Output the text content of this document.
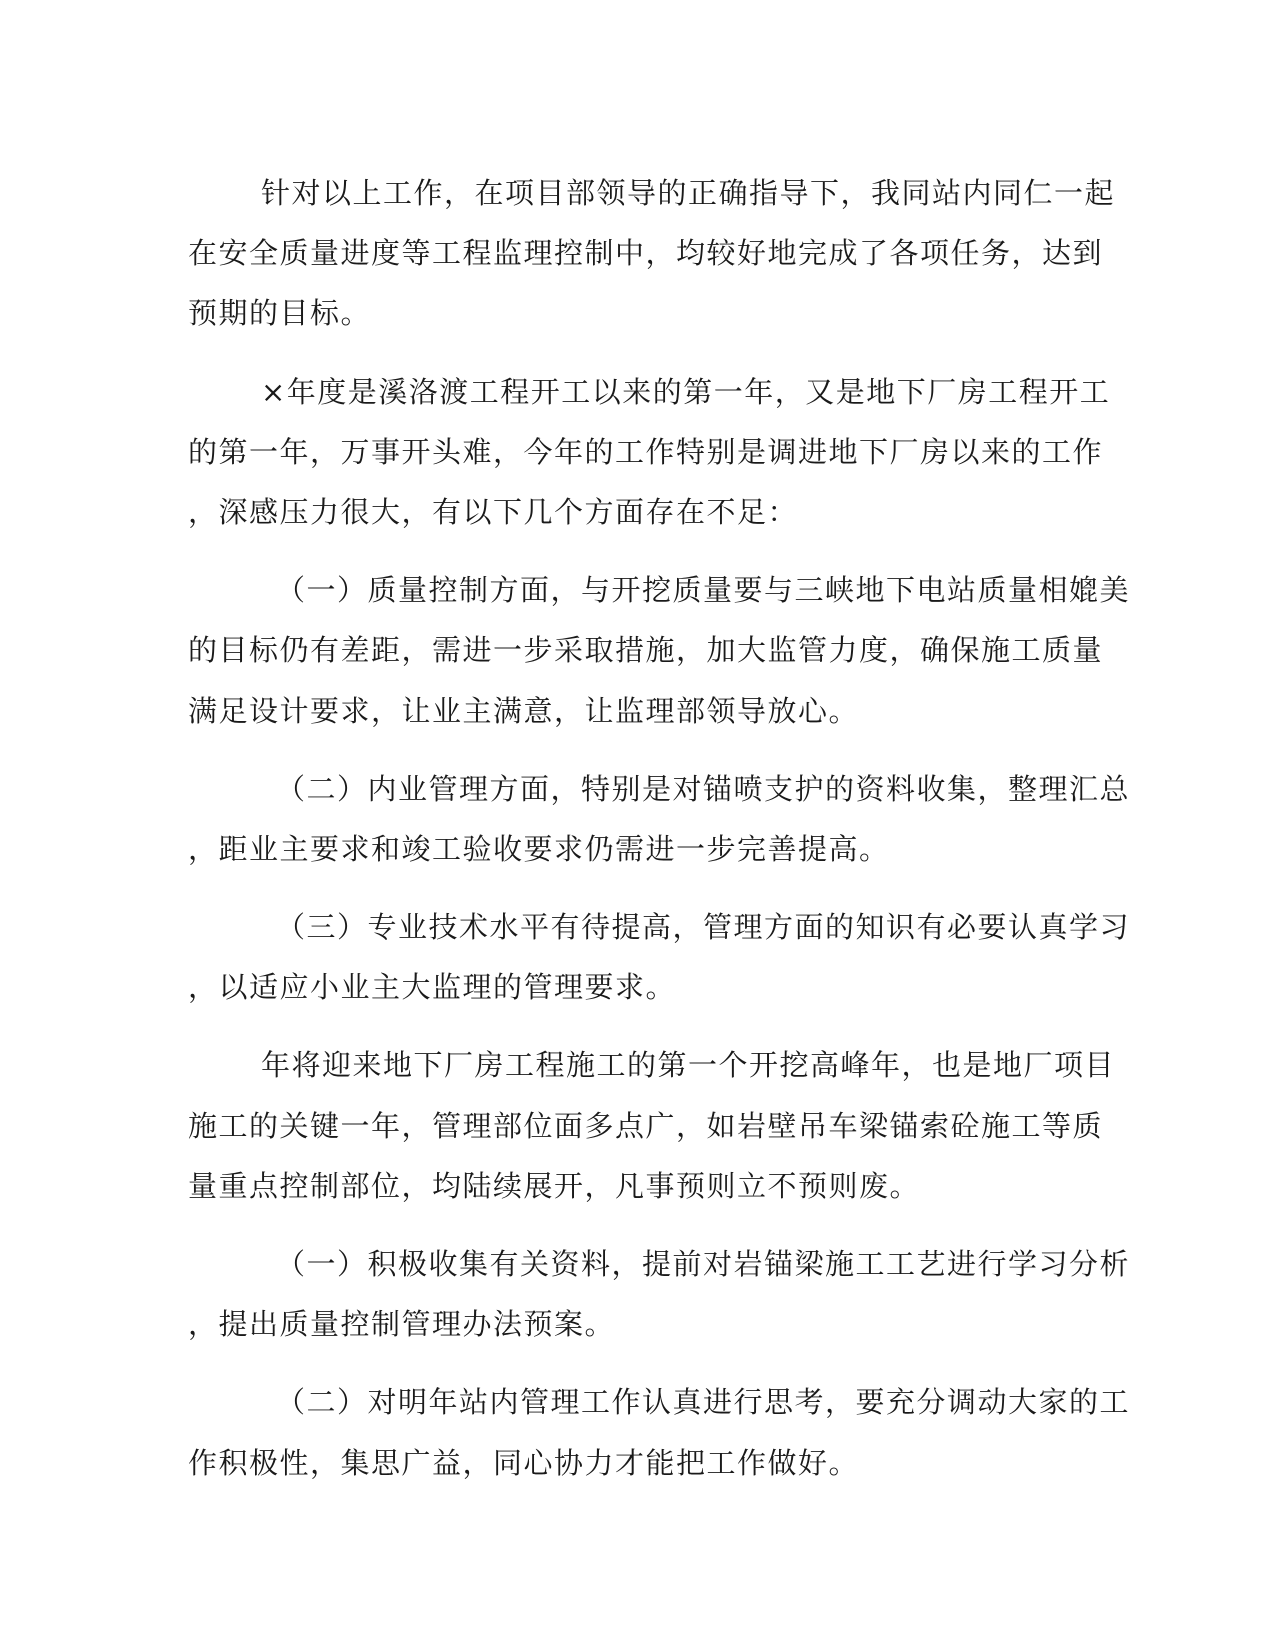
针对以上工作，在项目部领导的正确指导下，我同站内同仁一起
在安全质量进度等工程监理控制中，均较好地完成了各项任务，达到
预期的目标。
×年度是溪洛渡工程开工以来的第一年，又是地下厂房工程开工
的第一年，万事开头难，今年的工作特别是调进地下厂房以来的工作
，深感压力很大，有以下几个方面存在不足：
（一）质量控制方面，与开挖质量要与三峡地下电站质量相媲美
的目标仍有差距，需进一步采取措施，加大监管力度，确保施工质量
满足设计要求，让业主满意，让监理部领导放心。
（二）内业管理方面，特别是对锚喷支护的资料收集，整理汇总
，距业主要求和竣工验收要求仍需进一步完善提高。
（三）专业技术水平有待提高，管理方面的知识有必要认真学习
，以适应小业主大监理的管理要求。
年将迎来地下厂房工程施工的第一个开挖高峰年，也是地厂项目
施工的关键一年，管理部位面多点广，如岩壁吊车梁锚索砼施工等质
量重点控制部位，均陆续展开，凡事预则立不预则废。
（一）积极收集有关资料，提前对岩锚梁施工工艺进行学习分析
，提出质量控制管理办法预案。
（二）对明年站内管理工作认真进行思考，要充分调动大家的工
作积极性，集思广益，同心协力才能把工作做好。
